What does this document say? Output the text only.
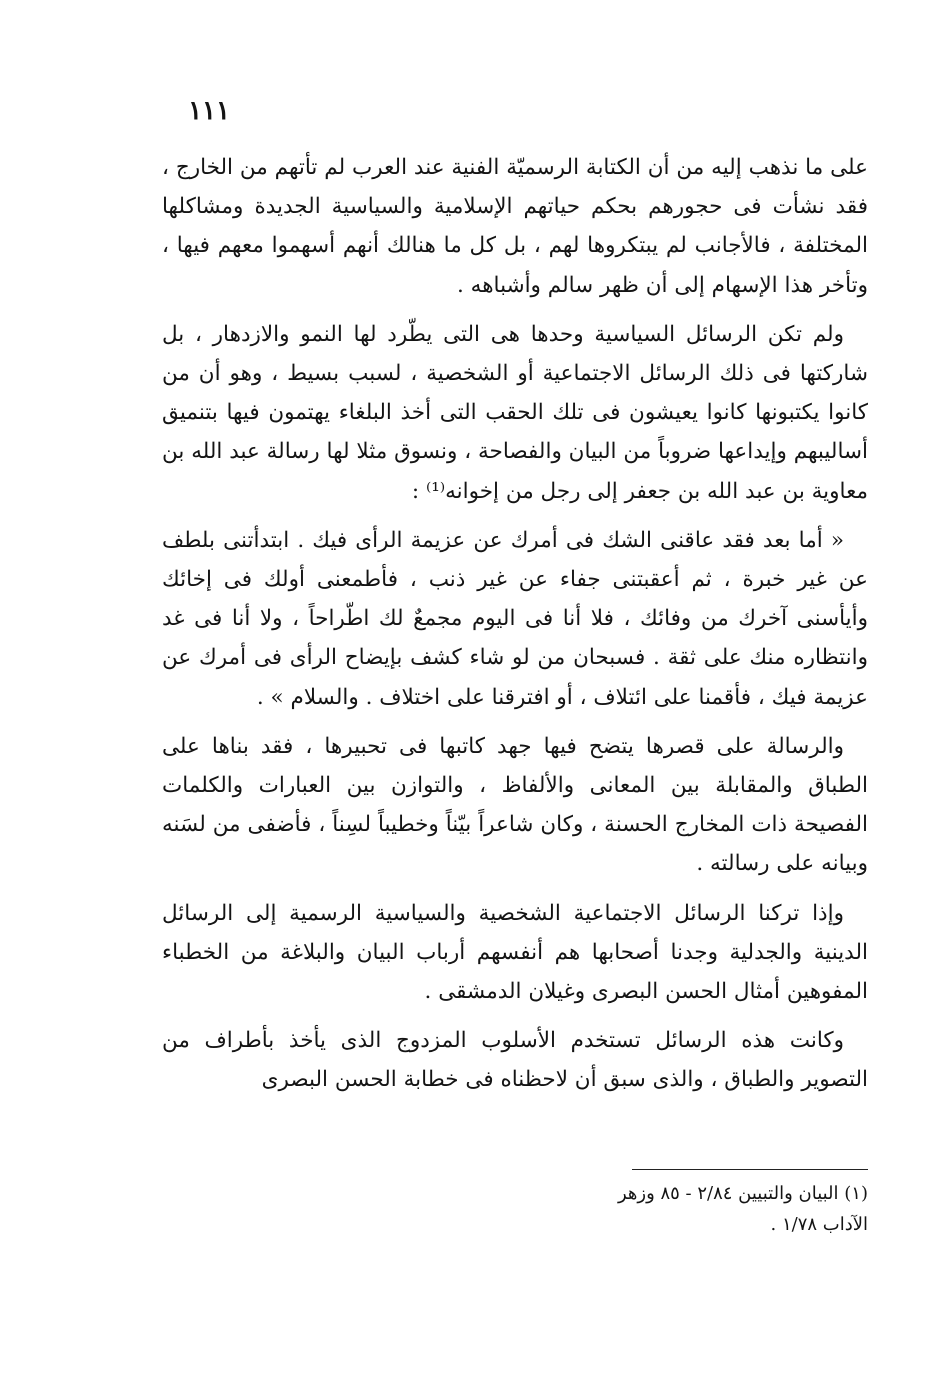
١١١

على ما نذهب إليه من أن الكتابة الرسميّة الفنية عند العرب لم تأتهم من الخارج ، فقد نشأت فى حجورهم بحكم حياتهم الإسلامية والسياسية الجديدة ومشاكلها المختلفة ، فالأجانب لم يبتكروها لهم ، بل كل ما هنالك أنهم أسهموا معهم فيها ، وتأخر هذا الإسهام إلى أن ظهر سالم وأشباهه .

ولم تكن الرسائل السياسية وحدها هى التى يطّرد لها النمو والازدهار ، بل شاركتها فى ذلك الرسائل الاجتماعية أو الشخصية ، لسبب بسيط ، وهو أن من كانوا يكتبونها كانوا يعيشون فى تلك الحقب التى أخذ البلغاء يهتمون فيها بتنميق أساليبهم وإيداعها ضروباً من البيان والفصاحة ، ونسوق مثلا لها رسالة عبد الله بن معاوية بن عبد الله بن جعفر إلى رجل من إخوانه⁽¹⁾ :

« أما بعد فقد عاقنى الشك فى أمرك عن عزيمة الرأى فيك . ابتدأتنى بلطف عن غير خبرة ، ثم أعقبتنى جفاء عن غير ذنب ، فأطمعنى أولك فى إخائك وأيأسنى آخرك من وفائك ، فلا أنا فى اليوم مجمعٌ لك اطّراحاً ، ولا أنا فى غد وانتظاره منك على ثقة . فسبحان من لو شاء كشف بإيضاح الرأى فى أمرك عن عزيمة فيك ، فأقمنا على ائتلاف ، أو افترقنا على اختلاف . والسلام » .

والرسالة على قصرها يتضح فيها جهد كاتبها فى تحبيرها ، فقد بناها على الطباق والمقابلة بين المعانى والألفاظ ، والتوازن بين العبارات والكلمات الفصيحة ذات المخارج الحسنة ، وكان شاعراً بيّناً وخطيباً لسِناً ، فأضفى من لسَنه وبيانه على رسالته .

وإذا تركنا الرسائل الاجتماعية الشخصية والسياسية الرسمية إلى الرسائل الدينية والجدلية وجدنا أصحابها هم أنفسهم أرباب البيان والبلاغة من الخطباء المفوهين أمثال الحسن البصرى وغيلان الدمشقى .

وكانت هذه الرسائل تستخدم الأسلوب المزدوج الذى يأخذ بأطراف من التصوير والطباق ، والذى سبق أن لاحظناه فى خطابة الحسن البصرى

(١) البيان والتبيين ٢/٨٤ - ٨٥ وزهر
الآداب ١/٧٨ .
